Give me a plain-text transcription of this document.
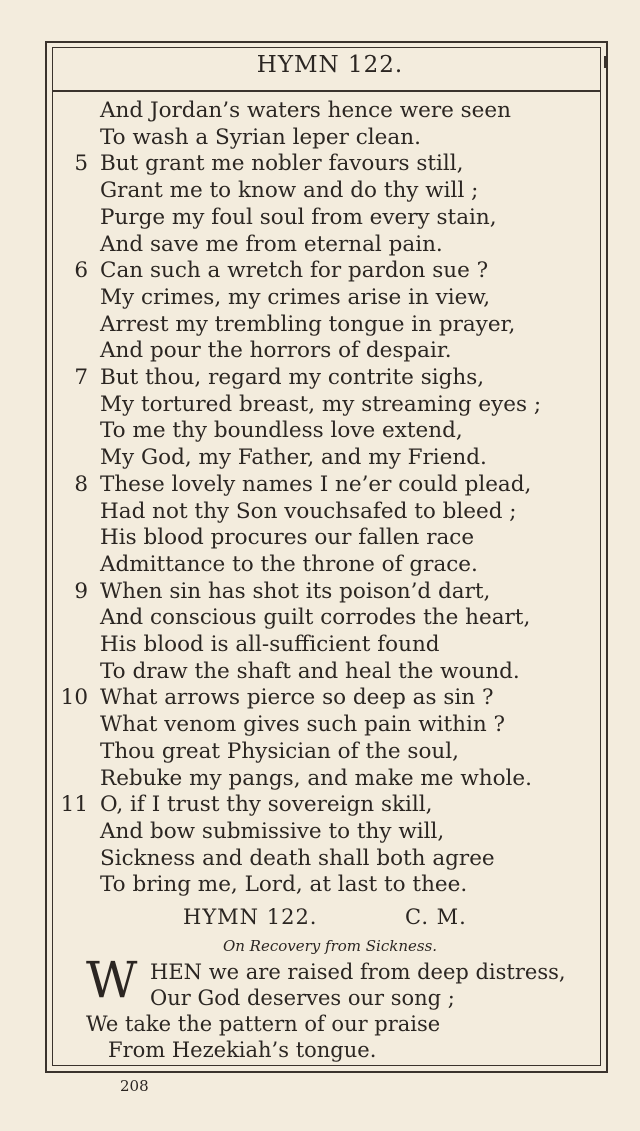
HYMN 122.
And Jordan’s waters hence were seen
To wash a Syrian leper clean.
5 But grant me nobler favours still,
Grant me to know and do thy will ;
Purge my foul soul from every stain,
And save me from eternal pain.
6 Can such a wretch for pardon sue ?
My crimes, my crimes arise in view,
Arrest my trembling tongue in prayer,
And pour the horrors of despair.
7 But thou, regard my contrite sighs,
My tortured breast, my streaming eyes ;
To me thy boundless love extend,
My God, my Father, and my Friend.
8 These lovely names I ne’er could plead,
Had not thy Son vouchsafed to bleed ;
His blood procures our fallen race
Admittance to the throne of grace.
9 When sin has shot its poison’d dart,
And conscious guilt corrodes the heart,
His blood is all-sufficient found
To draw the shaft and heal the wound.
10 What arrows pierce so deep as sin ?
What venom gives such pain within ?
Thou great Physician of the soul,
Rebuke my pangs, and make me whole.
11 O, if I trust thy sovereign skill,
And bow submissive to thy will,
Sickness and death shall both agree
To bring me, Lord, at last to thee.
HYMN 122.	C. M.
On Recovery from Sickness.
W HEN we are raised from deep distress,
Our God deserves our song ;
We take the pattern of our praise
From Hezekiah’s tongue.
208
